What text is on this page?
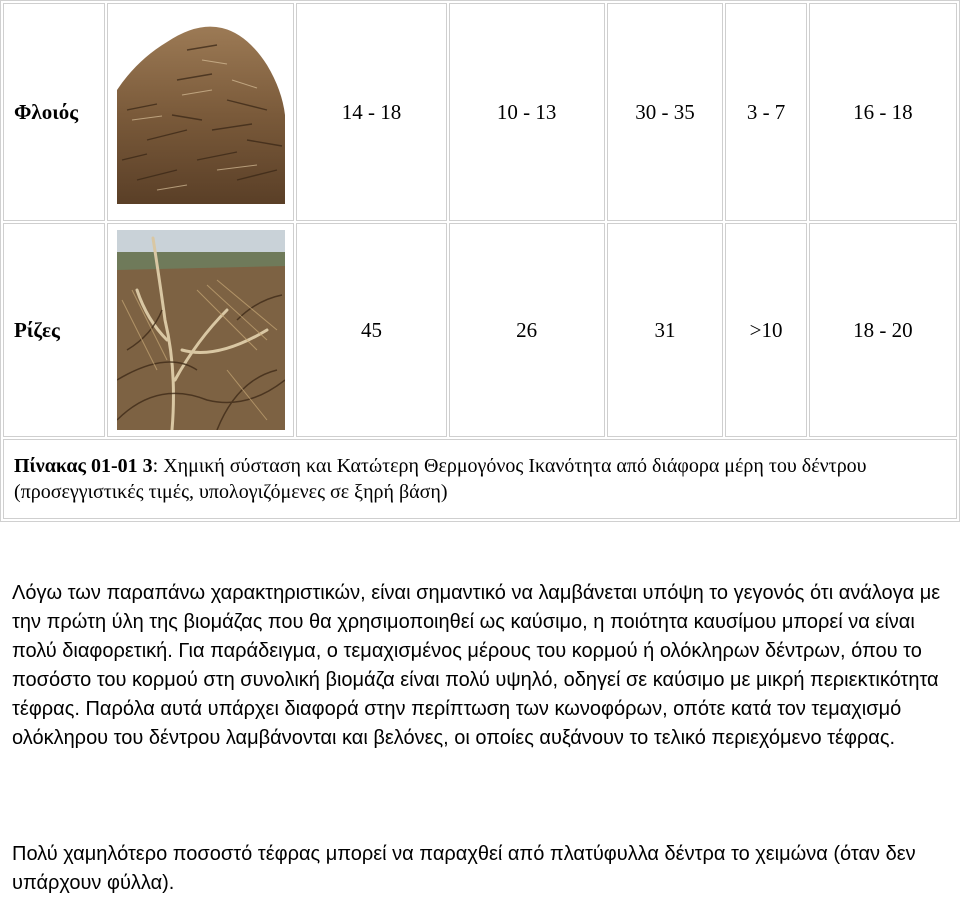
Φλοιός		14 - 18	10 - 13	30 - 35	3 - 7	16 - 18
Ρίζες		45	26	31	>10	18 - 20
Πίνακας 01-01 3: Χημική σύσταση και Κατώτερη Θερμογόνος Ικανότητα από διάφορα μέρη του δέντρου (προσεγγιστικές τιμές, υπολογιζόμενες σε ξηρή βάση)						

Λόγω των παραπάνω χαρακτηριστικών, είναι σημαντικό να λαμβάνεται υπόψη το γεγονός ότι ανάλογα με την πρώτη ύλη της βιομάζας που θα χρησιμοποιηθεί ως καύσιμο, η ποιότητα καυσίμου μπορεί να είναι πολύ διαφορετική. Για παράδειγμα, ο τεμαχισμένος μέρους του κορμού ή ολόκληρων δέντρων, όπου το ποσόστο του κορμού στη συνολική βιομάζα είναι πολύ υψηλό, οδηγεί σε καύσιμο με μικρή περιεκτικότητα τέφρας. Παρόλα αυτά υπάρχει διαφορά στην περίπτωση των κωνοφόρων, οπότε κατά τον τεμαχισμό ολόκληρου του δέντρου λαμβάνονται και βελόνες, οι οποίες αυξάνουν το τελικό περιεχόμενο τέφρας.

Πολύ χαμηλότερο ποσοστό τέφρας μπορεί να παραχθεί από πλατύφυλλα δέντρα το χειμώνα (όταν δεν υπάρχουν φύλλα).
